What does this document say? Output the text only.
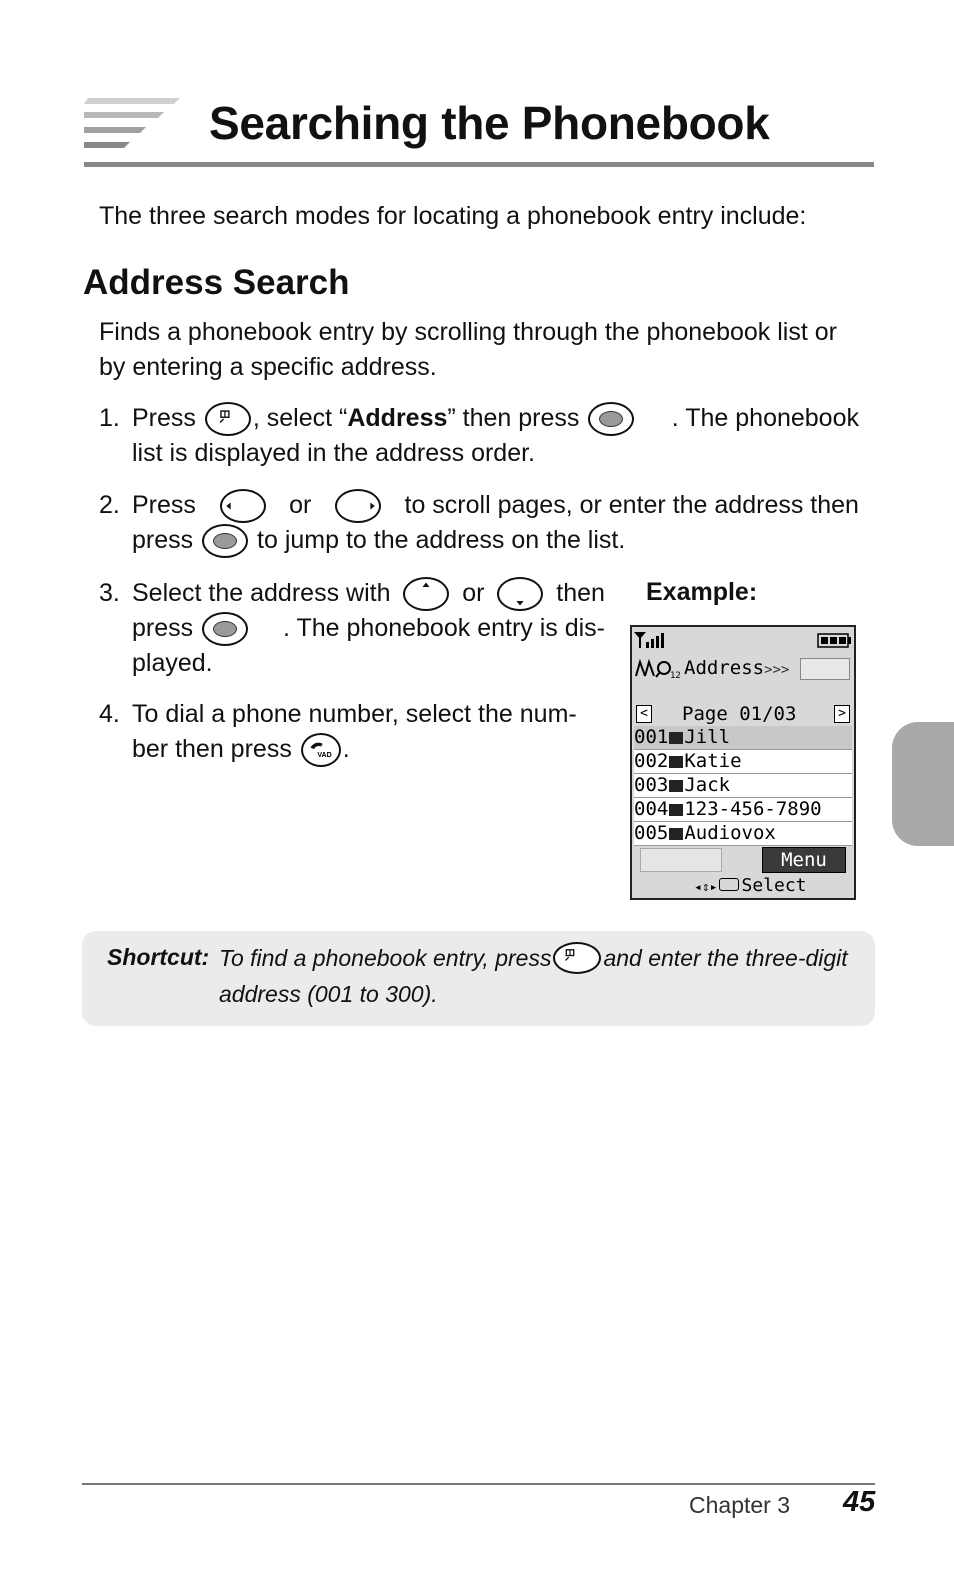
Searching the Phonebook
The three search modes for locating a phonebook entry include:
Address Search
Finds a phonebook entry by scrolling through the phonebook list or by entering a specific address.
1. Press
, select “ Address ” then press
	. The phonebook
list is displayed in the address order.
2. Press	or	to scroll pages, or enter the address then
press

	to jump to the address on the list.
3. Select the address with	or	then
press
	. The phonebook entry is dis-
played.
4. To dial a phone number, select the num-
ber then press
	VAD .
Example:
12 Address>>>
< Page 01/03	>
001 Jill
002 Katie
003 Jack
004 123-456-7890
005 Audiovox
Menu
◂⇕▸ Select
Shortcut: To find a phonebook entry, press and enter the three-digit
address (001 to 300).
Chapter 3 45
